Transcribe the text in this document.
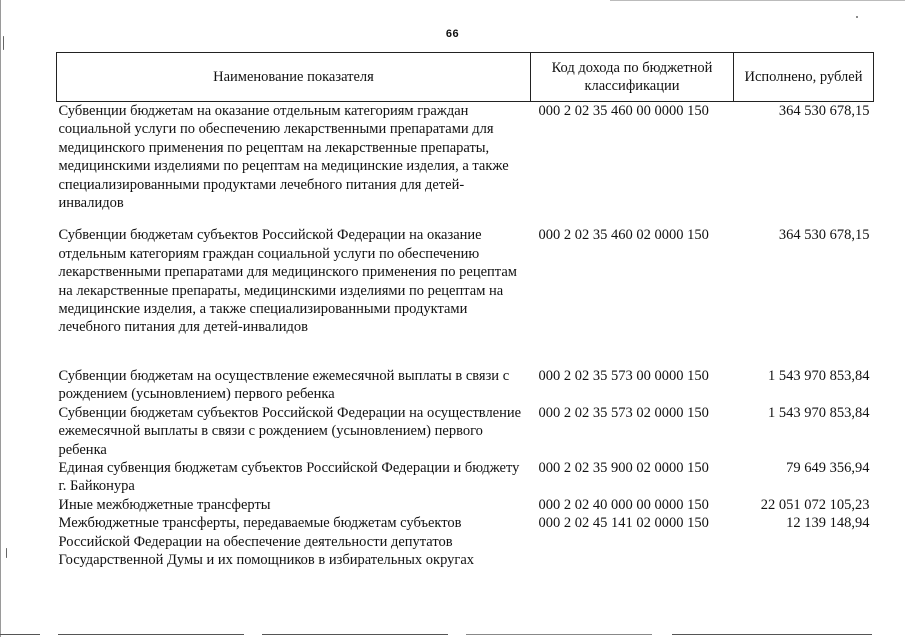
66
Наименование показателя	Код дохода по бюджетной классификации	Исполнено, рублей
Субвенции бюджетам на оказание отдельным категориям граждан социальной услуги по обеспечению лекарственными препаратами для медицинского применения по рецептам на лекарственные препараты, медицинскими изделиями по рецептам на медицинские изделия, а также специализированными продуктами лечебного питания для детей-инвалидов	000 2 02 35 460 00 0000 150	364 530 678,15
Субвенции бюджетам субъектов Российской Федерации на оказание отдельным категориям граждан социальной услуги по обеспечению лекарственными препаратами для медицинского применения по рецептам на лекарственные препараты, медицинскими изделиями по рецептам на медицинские изделия, а также специализированными продуктами лечебного питания для детей-инвалидов	000 2 02 35 460 02 0000 150	364 530 678,15
Субвенции бюджетам на осуществление ежемесячной выплаты в связи с рождением (усыновлением) первого ребенка	000 2 02 35 573 00 0000 150	1 543 970 853,84
Субвенции бюджетам субъектов Российской Федерации на осуществление ежемесячной выплаты в связи с рождением (усыновлением) первого ребенка	000 2 02 35 573 02 0000 150	1 543 970 853,84
Единая субвенция бюджетам субъектов Российской Федерации и бюджету г. Байконура	000 2 02 35 900 02 0000 150	79 649 356,94
Иные межбюджетные трансферты	000 2 02 40 000 00 0000 150	22 051 072 105,23
Межбюджетные трансферты, передаваемые бюджетам субъектов Российской Федерации на обеспечение деятельности депутатов Государственной Думы и их помощников в избирательных округах	000 2 02 45 141 02 0000 150	12 139 148,94
